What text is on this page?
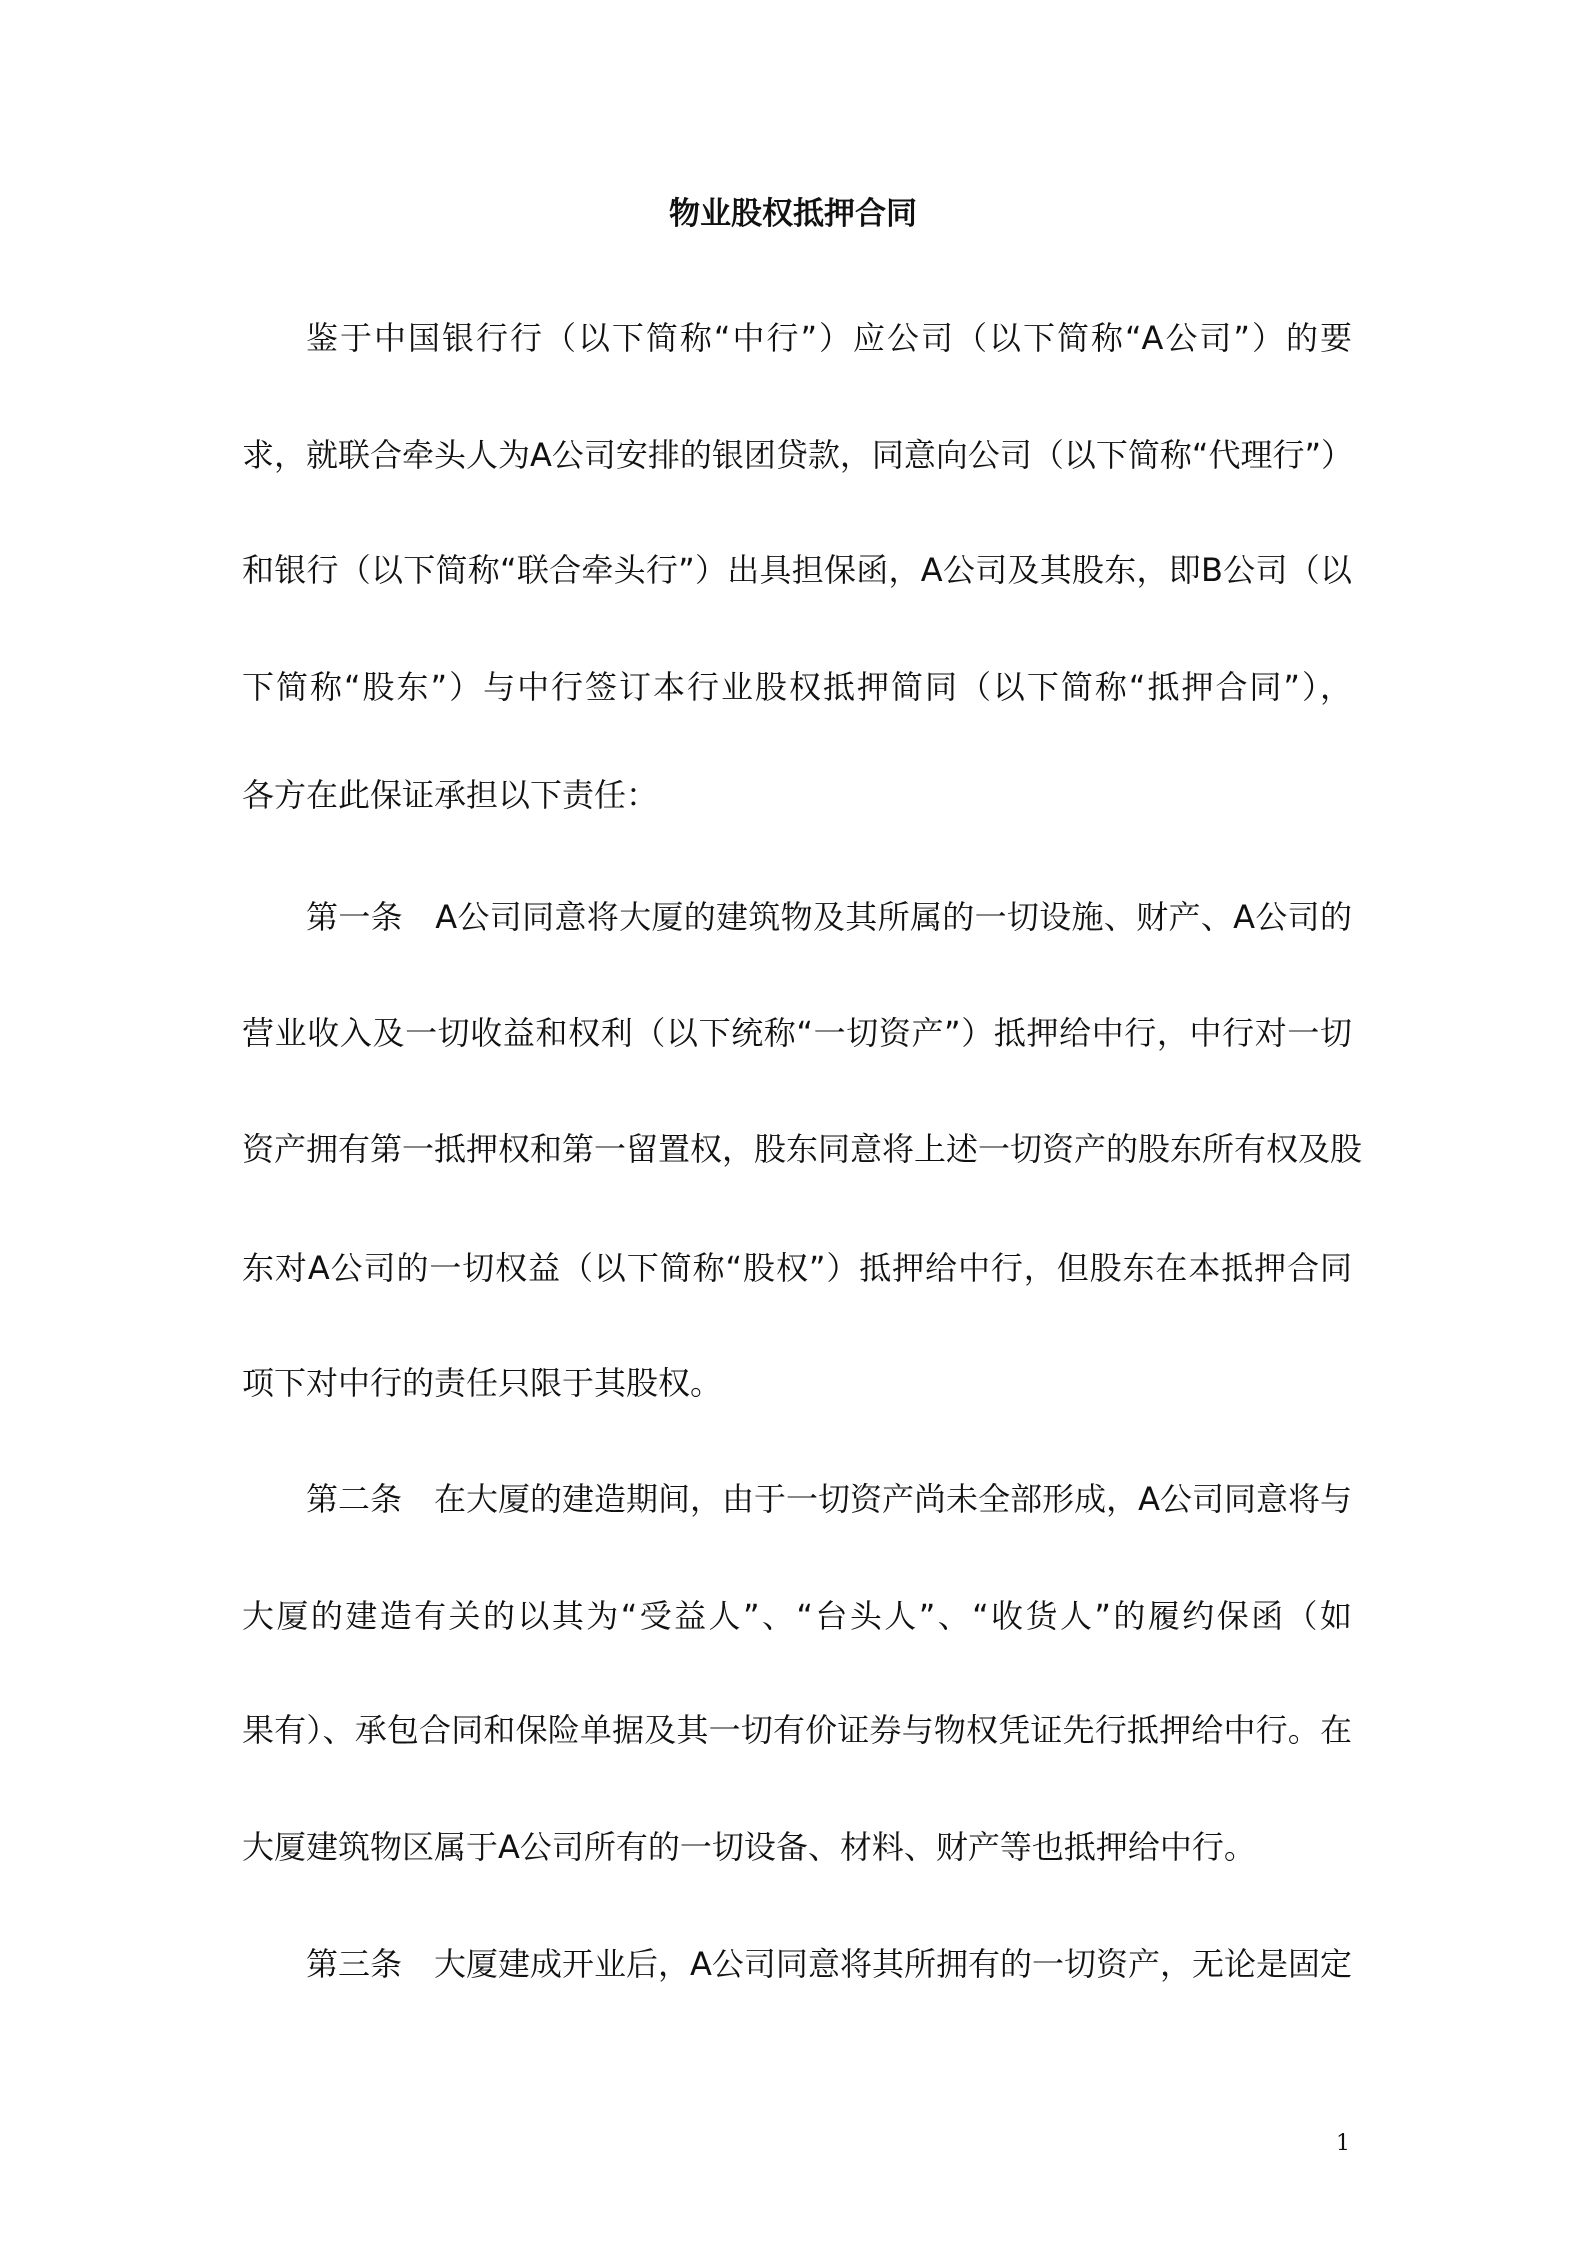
物业股权抵押合同
鉴于中国银行行（以下简称“中行”）应公司（以下简称“A公司”）的要
求，就联合牵头人为A公司安排的银团贷款，同意向公司（以下简称“代理行”）
和银行（以下简称“联合牵头行”）出具担保函，A公司及其股东，即B公司（以
下简称“股东”）与中行签订本行业股权抵押简同（以下简称“抵押合同”），
各方在此保证承担以下责任：
第一条　A公司同意将大厦的建筑物及其所属的一切设施、财产、A公司的
营业收入及一切收益和权利（以下统称“一切资产”）抵押给中行，中行对一切
资产拥有第一抵押权和第一留置权，股东同意将上述一切资产的股东所有权及股
东对A公司的一切权益（以下简称“股权”）抵押给中行，但股东在本抵押合同
项下对中行的责任只限于其股权。
第二条　在大厦的建造期间，由于一切资产尚未全部形成，A公司同意将与
大厦的建造有关的以其为“受益人”、“台头人”、“收货人”的履约保函（如
果有）、承包合同和保险单据及其一切有价证券与物权凭证先行抵押给中行。在
大厦建筑物区属于A公司所有的一切设备、材料、财产等也抵押给中行。
第三条　大厦建成开业后，A公司同意将其所拥有的一切资产，无论是固定
1
